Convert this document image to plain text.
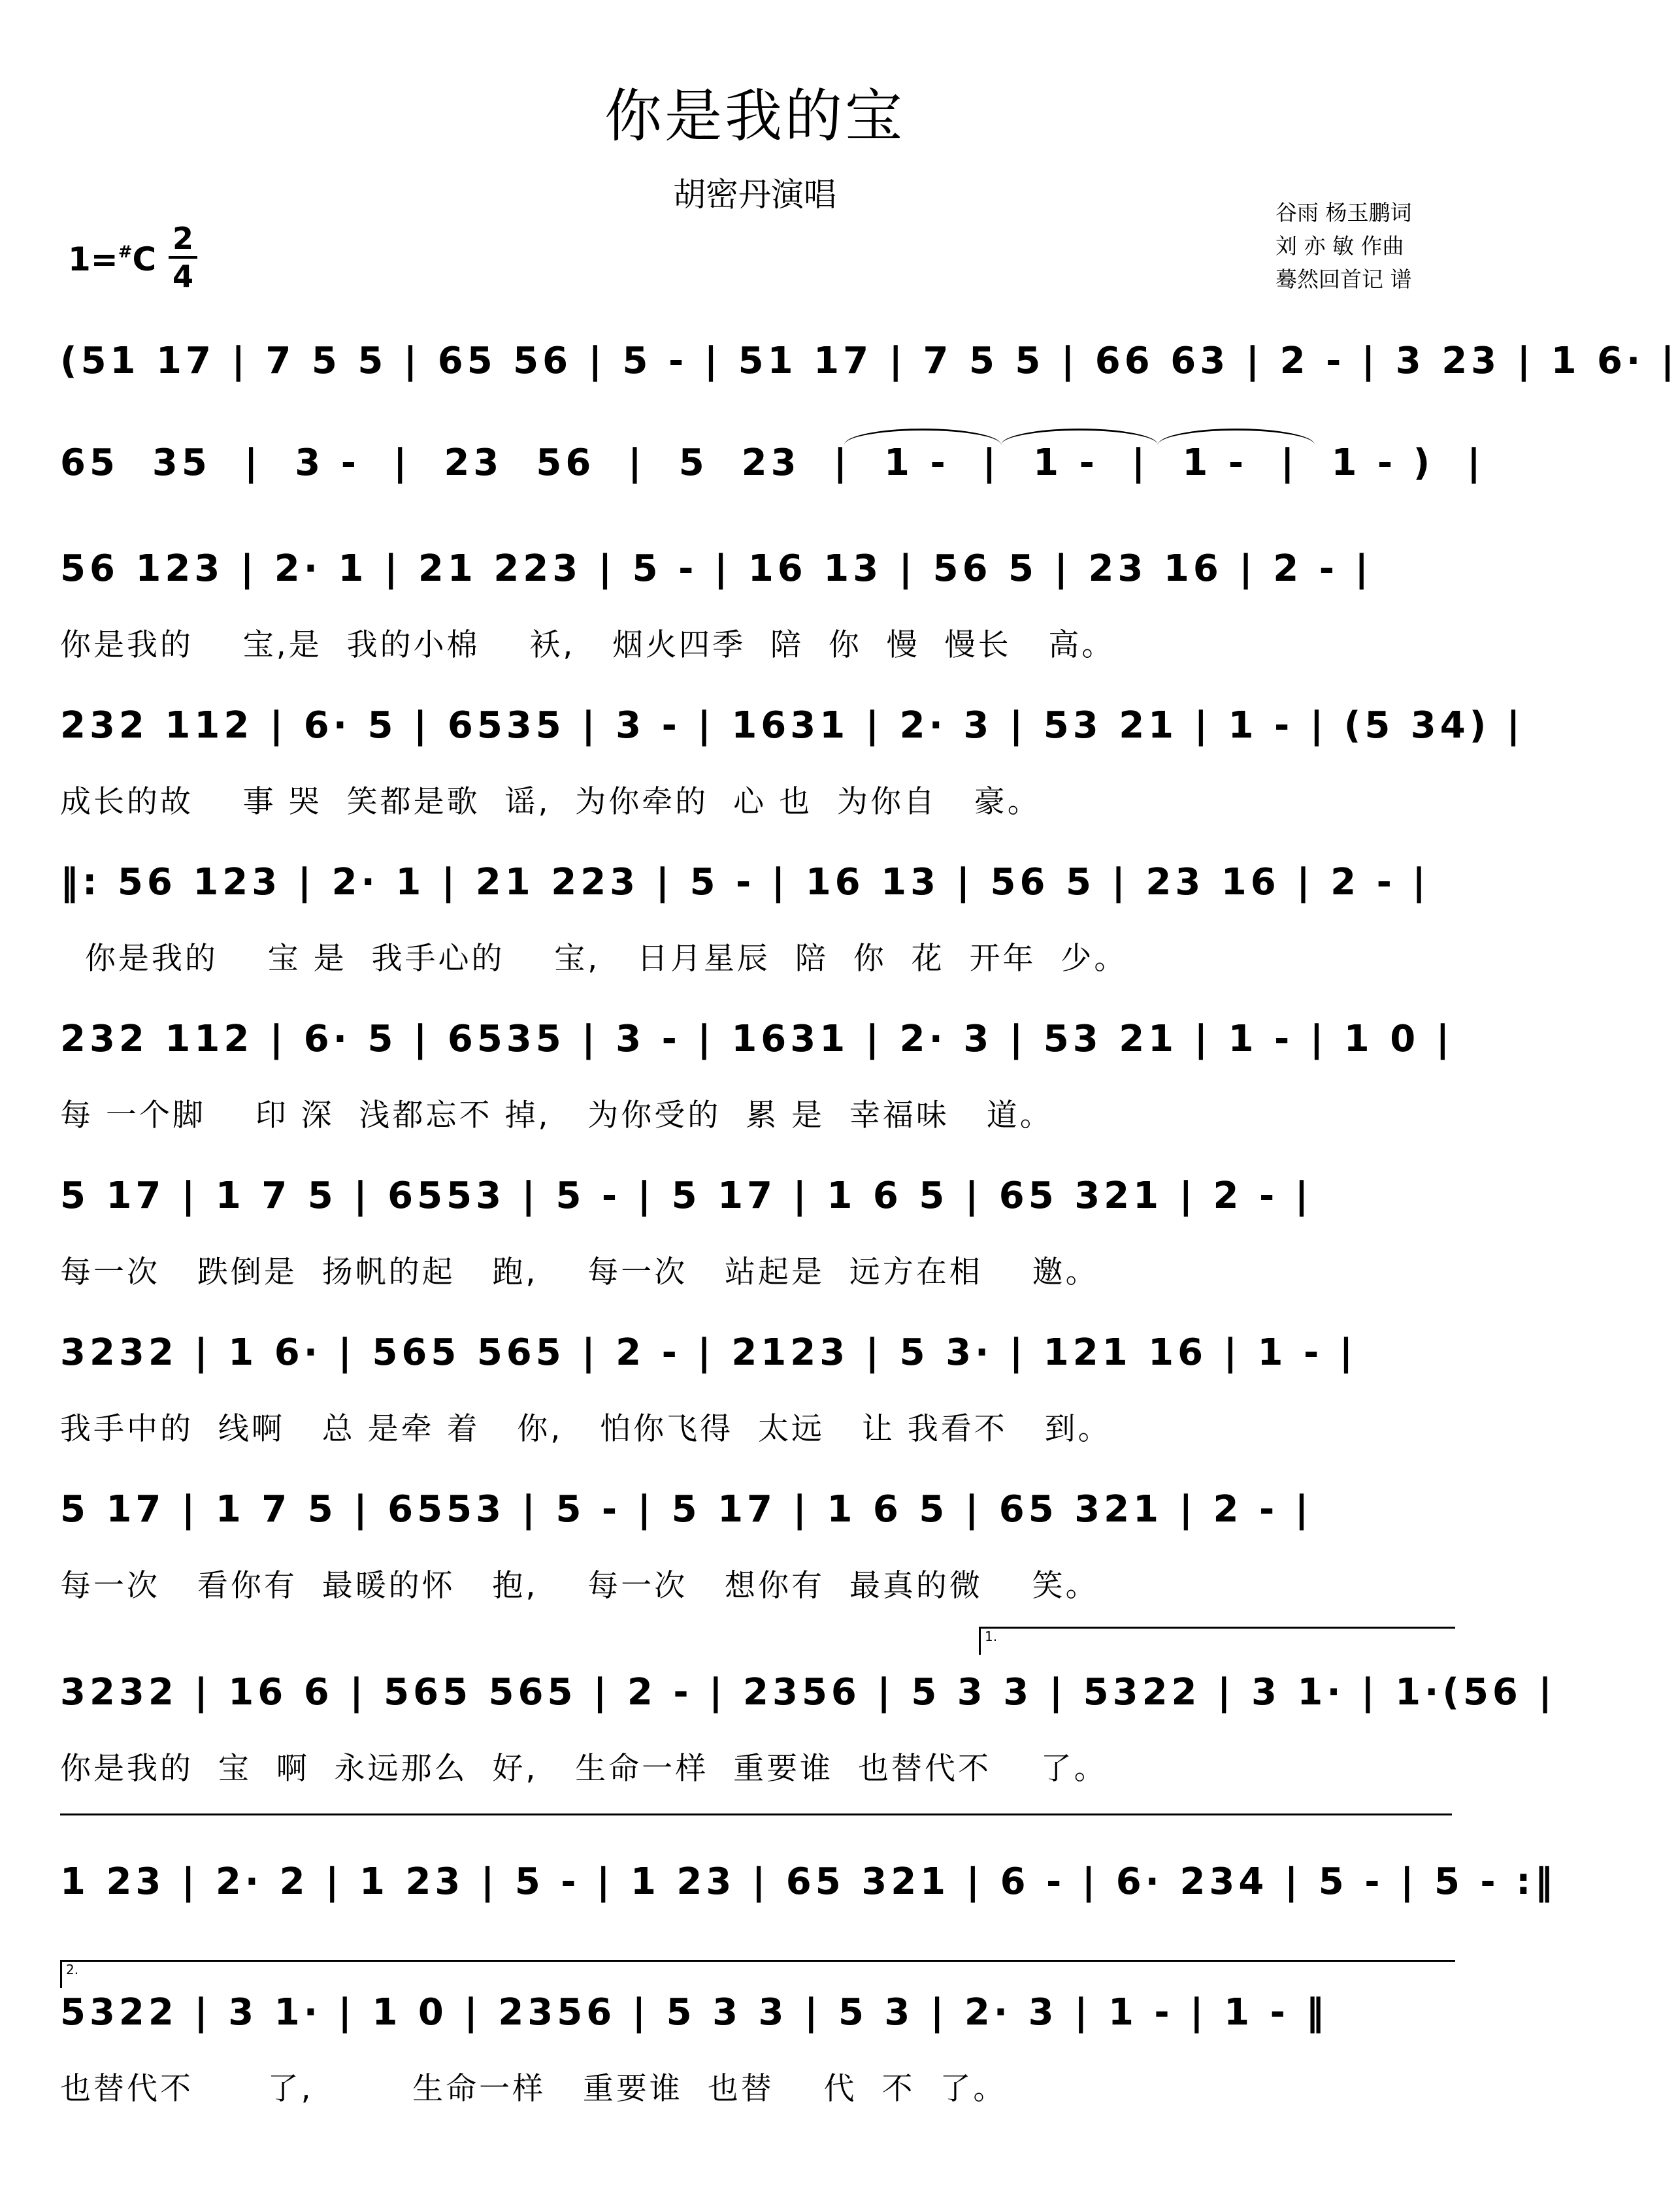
你是我的宝
胡密丹演唱	谷雨 杨玉鹏词
刘 亦 敏 作曲
蓦然回首记 谱
1=#C
2
4
(51 17 | 7 5 5 | 65 56 | 5 - | 51 17 | 7 5 5 | 66 63 | 2 - | 3 23 | 1 6· |
65  35  |  3 -  |  23  56  |  5  23  |  1 -  |  1 -  |  1 -  |  1 - )  |
56 123 | 2· 1 | 21 223 | 5 - | 16 13 | 56 5 | 23 16 | 2 - |
你是我的    宝,是  我的小棉    袄,   烟火四季  陪  你  慢  慢长   高。
232 112 | 6· 5 | 6535 | 3 - | 1631 | 2· 3 | 53 21 | 1 - | (5 34) |
成长的故    事 哭  笑都是歌  谣,  为你牵的  心 也  为你自   豪。
‖: 56 123 | 2· 1 | 21 223 | 5 - | 16 13 | 56 5 | 23 16 | 2 - |
你是我的    宝 是  我手心的    宝,   日月星辰  陪  你  花  开年  少。
232 112 | 6· 5 | 6535 | 3 - | 1631 | 2· 3 | 53 21 | 1 - | 1 0 |
每 一个脚    印 深  浅都忘不 掉,   为你受的  累 是  幸福味   道。
5 17 | 1 7 5 | 6553 | 5 - | 5 17 | 1 6 5 | 65 321 | 2 - |
每一次   跌倒是  扬帆的起   跑,    每一次   站起是  远方在相    邀。
3232 | 1 6· | 565 565 | 2 - | 2123 | 5 3· | 121 16 | 1 - |
我手中的  线啊   总 是牵 着   你,   怕你飞得  太远   让 我看不   到。
5 17 | 1 7 5 | 6553 | 5 - | 5 17 | 1 6 5 | 65 321 | 2 - |
每一次   看你有  最暖的怀   抱,    每一次   想你有  最真的微    笑。
1.
3232 | 16 6 | 565 565 | 2 - | 2356 | 5 3 3 | 5322 | 3 1· | 1·(56 |
你是我的  宝  啊  永远那么  好,   生命一样  重要谁  也替代不    了。
1 23 | 2· 2 | 1 23 | 5 - | 1 23 | 65 321 | 6 - | 6· 234 | 5 - | 5 - :‖
2.
5322 | 3 1· | 1 0 | 2356 | 5 3 3 | 5 3 | 2· 3 | 1 - | 1 - ‖
也替代不      了,        生命一样   重要谁  也替    代  不  了。
